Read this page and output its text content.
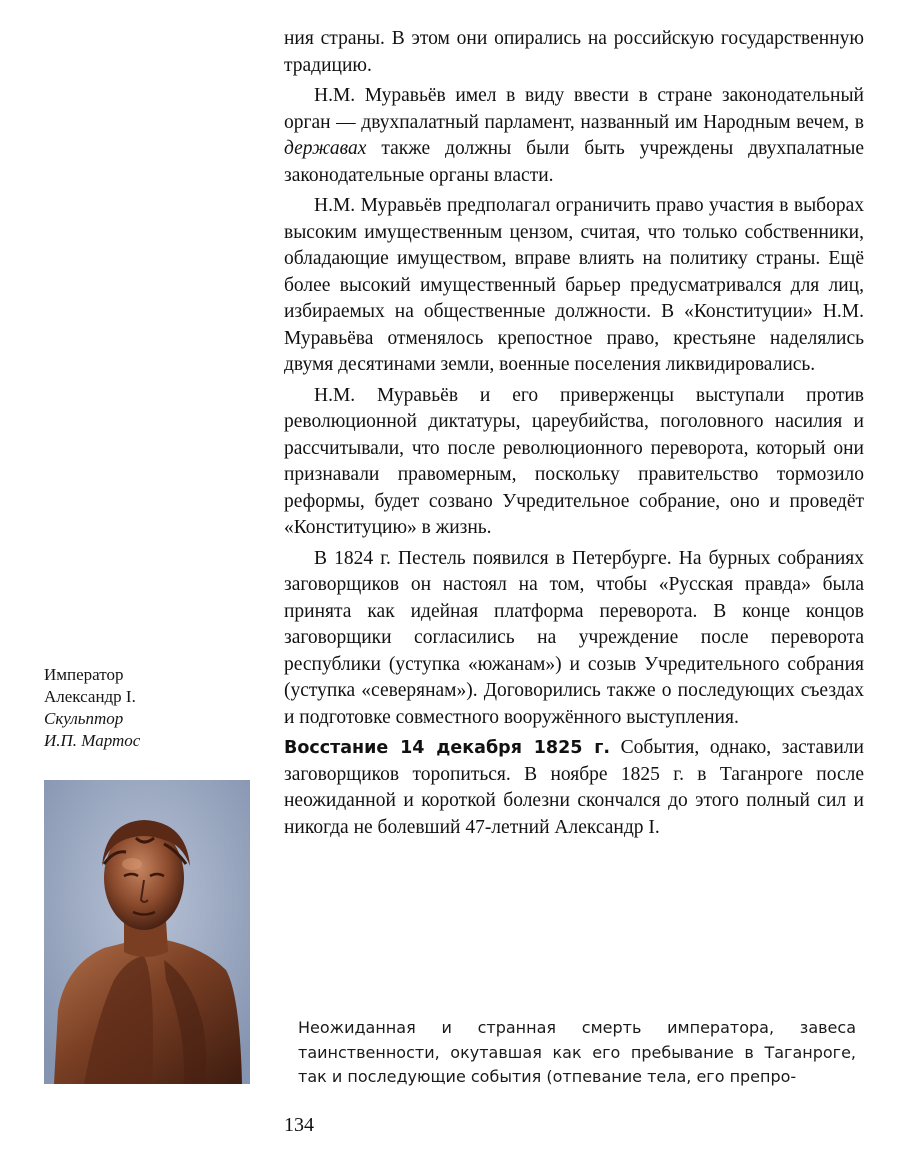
Император
Александр I.
Скульптор
И.П. Мартос

ния страны. В этом они опирались на российскую государственную традицию.

Н.М. Муравьёв имел в виду ввести в стране законодательный орган — двухпалатный парламент, названный им Народным вечем, в державах также должны были быть учреждены двухпалатные законодательные органы власти.

Н.М. Муравьёв предполагал ограничить право участия в выборах высоким имущественным цензом, считая, что только собственники, обладающие имуществом, вправе влиять на политику страны. Ещё более высокий имущественный барьер предусматривался для лиц, избираемых на общественные должности. В «Конституции» Н.М. Муравьёва отменялось крепостное право, крестьяне наделялись двумя десятинами земли, военные поселения ликвидировались.

Н.М. Муравьёв и его приверженцы выступали против революционной диктатуры, цареубийства, поголовного насилия и рассчитывали, что после революционного переворота, который они признавали правомерным, поскольку правительство тормозило реформы, будет созвано Учредительное собрание, оно и проведёт «Конституцию» в жизнь.

В 1824 г. Пестель появился в Петербурге. На бурных собраниях заговорщиков он настоял на том, чтобы «Русская правда» была принята как идейная платформа переворота. В конце концов заговорщики согласились на учреждение после переворота республики (уступка «южанам») и созыв Учредительного собрания (уступка «северянам»). Договорились также о последующих съездах и подготовке совместного вооружённого выступления.

Восстание 14 декабря 1825 г. События, однако, заставили заговорщиков торопиться. В ноябре 1825 г. в Таганроге после неожиданной и короткой болезни скончался до этого полный сил и никогда не болевший 47-летний Александр I.

Неожиданная и странная смерть императора, завеса таинственности, окутавшая как его пребывание в Таганроге, так и последующие события (отпевание тела, его препро-
134
